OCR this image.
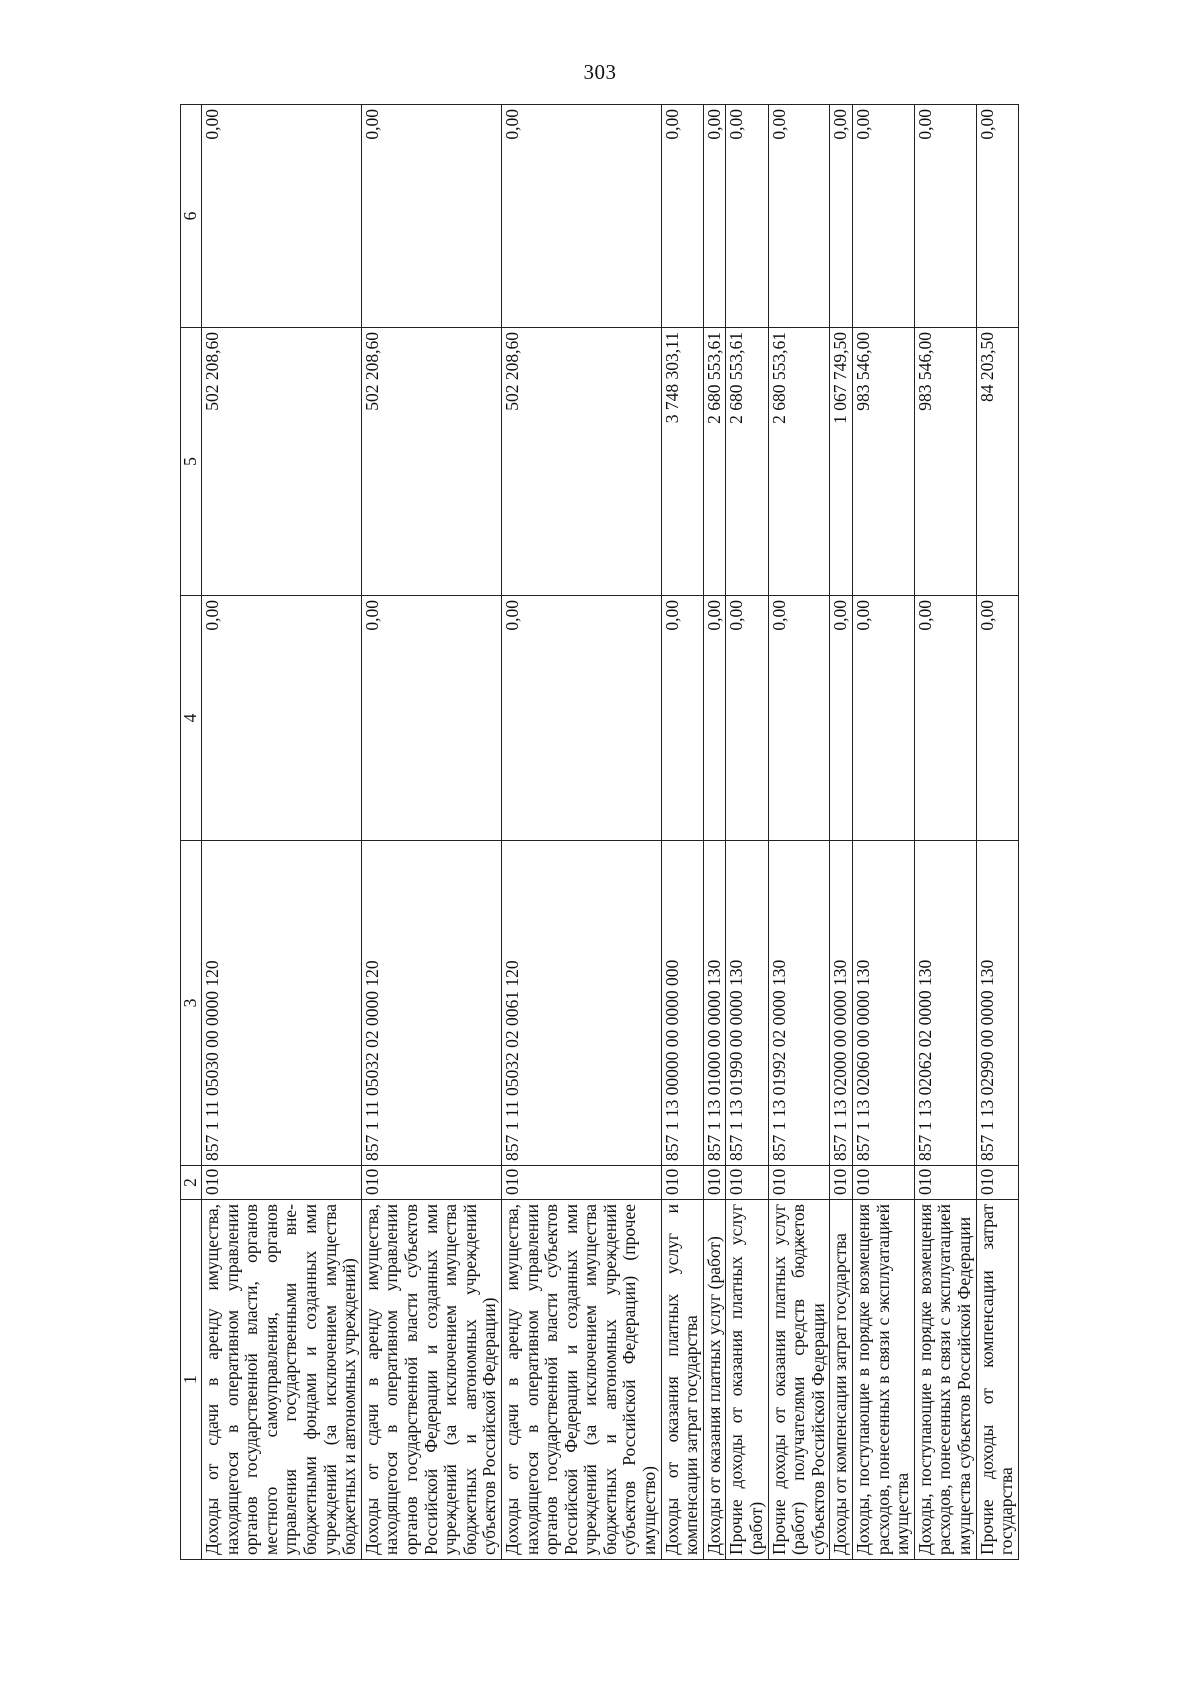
303
1	2	3	4	5	6
Доходы от сдачи в аренду имущества, находящегося в оперативном управлении органов государственной власти, органов местного самоуправления, органов управления государственными внебюджетными фондами и созданных ими учреждений (за исключением имущества бюджетных и автономных учреждений)	010	857 1 11 05030 00 0000 120	0,00	502 208,60	0,00
Доходы от сдачи в аренду имущества, находящегося в оперативном управлении органов государственной власти субъектов Российской Федерации и созданных ими учреждений (за исключением имущества бюджетных и автономных учреждений субъектов Российской Федерации)	010	857 1 11 05032 02 0000 120	0,00	502 208,60	0,00
Доходы от сдачи в аренду имущества, находящегося в оперативном управлении органов государственной власти субъектов Российской Федерации и созданных ими учреждений (за исключением имущества бюджетных и автономных учреждений субъектов Российской Федерации) (прочее имущество)	010	857 1 11 05032 02 0061 120	0,00	502 208,60	0,00
Доходы от оказания платных услуг и компенсации затрат государства	010	857 1 13 00000 00 0000 000	0,00	3 748 303,11	0,00
Доходы от оказания платных услуг (работ)	010	857 1 13 01000 00 0000 130	0,00	2 680 553,61	0,00
Прочие доходы от оказания платных услуг (работ)	010	857 1 13 01990 00 0000 130	0,00	2 680 553,61	0,00
Прочие доходы от оказания платных услуг (работ) получателями средств бюджетов субъектов Российской Федерации	010	857 1 13 01992 02 0000 130	0,00	2 680 553,61	0,00
Доходы от компенсации затрат государства	010	857 1 13 02000 00 0000 130	0,00	1 067 749,50	0,00
Доходы, поступающие в порядке возмещения расходов, понесенных в связи с эксплуатацией имущества	010	857 1 13 02060 00 0000 130	0,00	983 546,00	0,00
Доходы, поступающие в порядке возмещения расходов, понесенных в связи с эксплуатацией имущества субъектов Российской Федерации	010	857 1 13 02062 02 0000 130	0,00	983 546,00	0,00
Прочие доходы от компенсации затрат государства	010	857 1 13 02990 00 0000 130	0,00	84 203,50	0,00
